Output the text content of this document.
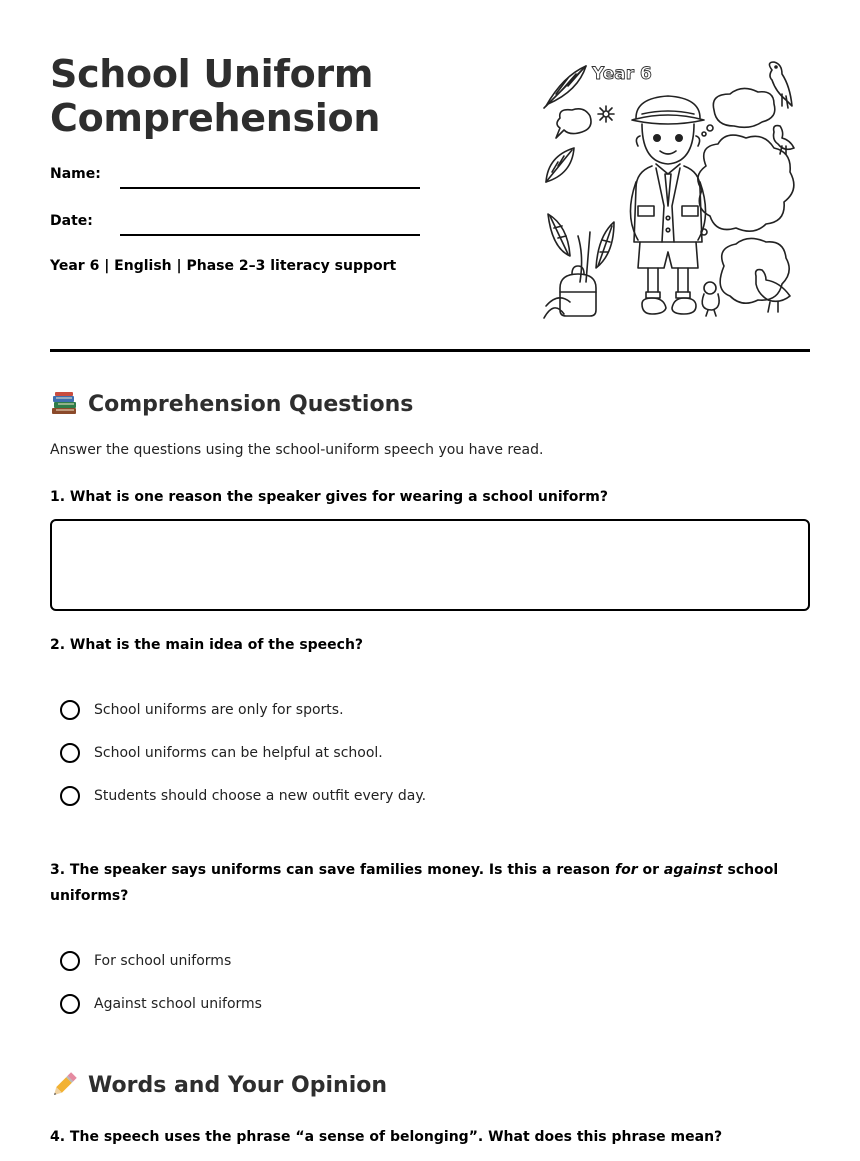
School Uniform
Comprehension
Name:
Date:
Year 6 | English | Phase 2–3 literacy support
Year 6
Comprehension Questions
Answer the questions using the school-uniform speech you have read.

1. What is one reason the speaker gives for wearing a school uniform?

2. What is the main idea of the speech?

School uniforms are only for sports.
School uniforms can be helpful at school.
Students should choose a new outfit every day.

3. The speaker says uniforms can save families money. Is this a reason for or against school uniforms?

For school uniforms
Against school uniforms
Words and Your Opinion

4. The speech uses the phrase “a sense of belonging”. What does this phrase mean?
